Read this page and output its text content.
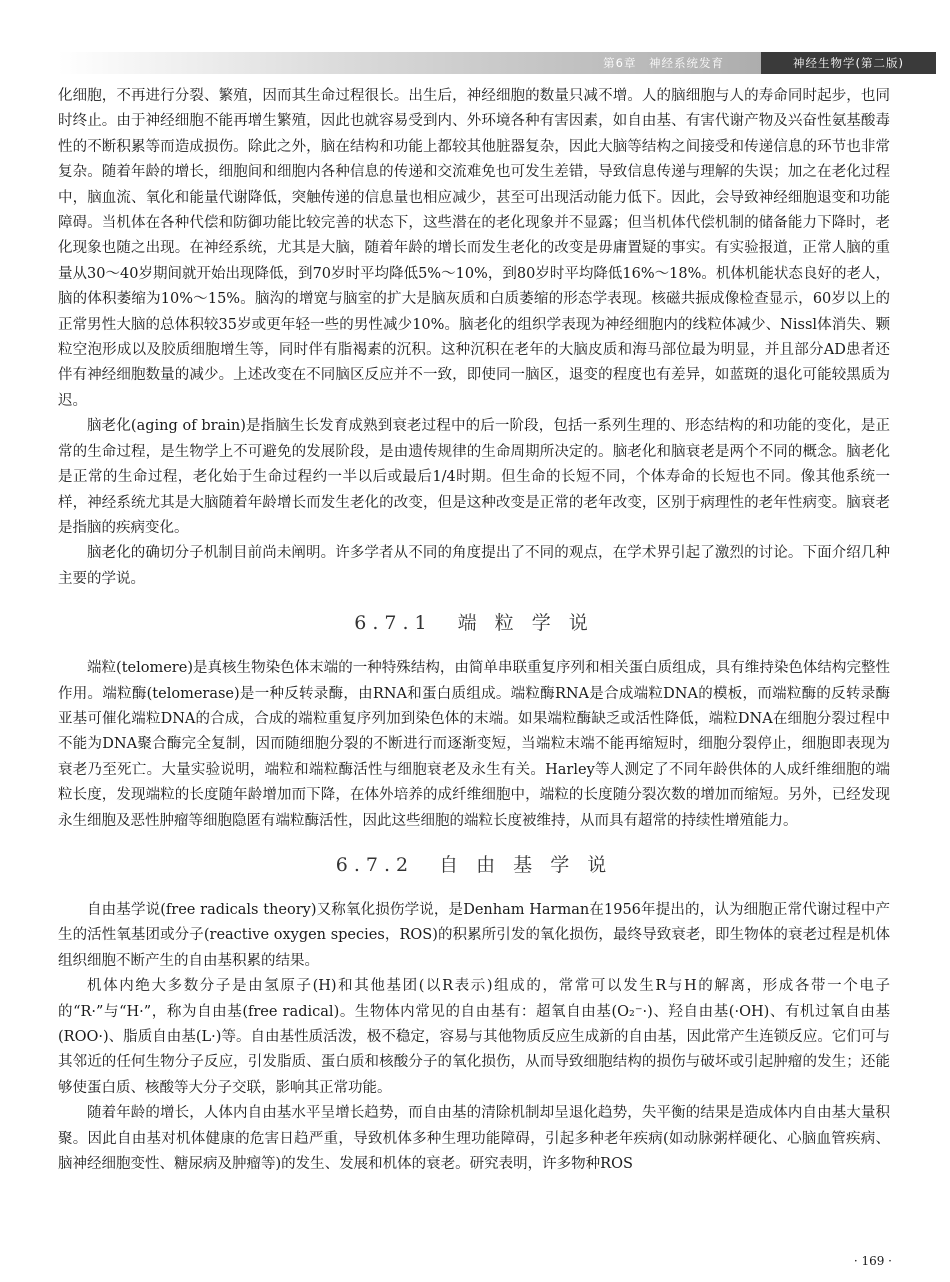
第6章　神经系统发育	神经生物学(第二版)

化细胞，不再进行分裂、繁殖，因而其生命过程很长。出生后，神经细胞的数量只减不增。人的脑细胞与人的寿命同时起步，也同时终止。由于神经细胞不能再增生繁殖，因此也就容易受到内、外环境各种有害因素，如自由基、有害代谢产物及兴奋性氨基酸毒性的不断积累等而造成损伤。除此之外，脑在结构和功能上都较其他脏器复杂，因此大脑等结构之间接受和传递信息的环节也非常复杂。随着年龄的增长，细胞间和细胞内各种信息的传递和交流难免也可发生差错，导致信息传递与理解的失误；加之在老化过程中，脑血流、氧化和能量代谢降低，突触传递的信息量也相应减少，甚至可出现活动能力低下。因此，会导致神经细胞退变和功能障碍。当机体在各种代偿和防御功能比较完善的状态下，这些潜在的老化现象并不显露；但当机体代偿机制的储备能力下降时，老化现象也随之出现。在神经系统，尤其是大脑，随着年龄的增长而发生老化的改变是毋庸置疑的事实。有实验报道，正常人脑的重量从30～40岁期间就开始出现降低，到70岁时平均降低5%～10%，到80岁时平均降低16%～18%。机体机能状态良好的老人，脑的体积萎缩为10%～15%。脑沟的增宽与脑室的扩大是脑灰质和白质萎缩的形态学表现。核磁共振成像检查显示，60岁以上的正常男性大脑的总体积较35岁或更年轻一些的男性减少10%。脑老化的组织学表现为神经细胞内的线粒体减少、Nissl体消失、颗粒空泡形成以及胶质细胞增生等，同时伴有脂褐素的沉积。这种沉积在老年的大脑皮质和海马部位最为明显，并且部分AD患者还伴有神经细胞数量的减少。上述改变在不同脑区反应并不一致，即使同一脑区，退变的程度也有差异，如蓝斑的退化可能较黑质为迟。

脑老化(aging of brain)是指脑生长发育成熟到衰老过程中的后一阶段，包括一系列生理的、形态结构的和功能的变化，是正常的生命过程，是生物学上不可避免的发展阶段，是由遗传规律的生命周期所决定的。脑老化和脑衰老是两个不同的概念。脑老化是正常的生命过程，老化始于生命过程约一半以后或最后1/4时期。但生命的长短不同，个体寿命的长短也不同。像其他系统一样，神经系统尤其是大脑随着年龄增长而发生老化的改变，但是这种改变是正常的老年改变，区别于病理性的老年性病变。脑衰老是指脑的疾病变化。

脑老化的确切分子机制目前尚未阐明。许多学者从不同的角度提出了不同的观点，在学术界引起了激烈的讨论。下面介绍几种主要的学说。

6.7.1　端 粒 学 说

端粒(telomere)是真核生物染色体末端的一种特殊结构，由简单串联重复序列和相关蛋白质组成，具有维持染色体结构完整性作用。端粒酶(telomerase)是一种反转录酶，由RNA和蛋白质组成。端粒酶RNA是合成端粒DNA的模板，而端粒酶的反转录酶亚基可催化端粒DNA的合成，合成的端粒重复序列加到染色体的末端。如果端粒酶缺乏或活性降低，端粒DNA在细胞分裂过程中不能为DNA聚合酶完全复制，因而随细胞分裂的不断进行而逐渐变短，当端粒末端不能再缩短时，细胞分裂停止，细胞即表现为衰老乃至死亡。大量实验说明，端粒和端粒酶活性与细胞衰老及永生有关。Harley等人测定了不同年龄供体的人成纤维细胞的端粒长度，发现端粒的长度随年龄增加而下降，在体外培养的成纤维细胞中，端粒的长度随分裂次数的增加而缩短。另外，已经发现永生细胞及恶性肿瘤等细胞隐匿有端粒酶活性，因此这些细胞的端粒长度被维持，从而具有超常的持续性增殖能力。

6.7.2　自 由 基 学 说

自由基学说(free radicals theory)又称氧化损伤学说，是Denham Harman在1956年提出的，认为细胞正常代谢过程中产生的活性氧基团或分子(reactive oxygen species，ROS)的积累所引发的氧化损伤，最终导致衰老，即生物体的衰老过程是机体组织细胞不断产生的自由基积累的结果。

机体内绝大多数分子是由氢原子(H)和其他基团(以R表示)组成的，常常可以发生R与H的解离，形成各带一个电子的“R·”与“H·”，称为自由基(free radical)。生物体内常见的自由基有：超氧自由基(O₂⁻·)、羟自由基(·OH)、有机过氧自由基(ROO·)、脂质自由基(L·)等。自由基性质活泼，极不稳定，容易与其他物质反应生成新的自由基，因此常产生连锁反应。它们可与其邻近的任何生物分子反应，引发脂质、蛋白质和核酸分子的氧化损伤，从而导致细胞结构的损伤与破坏或引起肿瘤的发生；还能够使蛋白质、核酸等大分子交联，影响其正常功能。

随着年龄的增长，人体内自由基水平呈增长趋势，而自由基的清除机制却呈退化趋势，失平衡的结果是造成体内自由基大量积聚。因此自由基对机体健康的危害日趋严重，导致机体多种生理功能障碍，引起多种老年疾病(如动脉粥样硬化、心脑血管疾病、脑神经细胞变性、糖尿病及肿瘤等)的发生、发展和机体的衰老。研究表明，许多物种ROS

· 169 ·
